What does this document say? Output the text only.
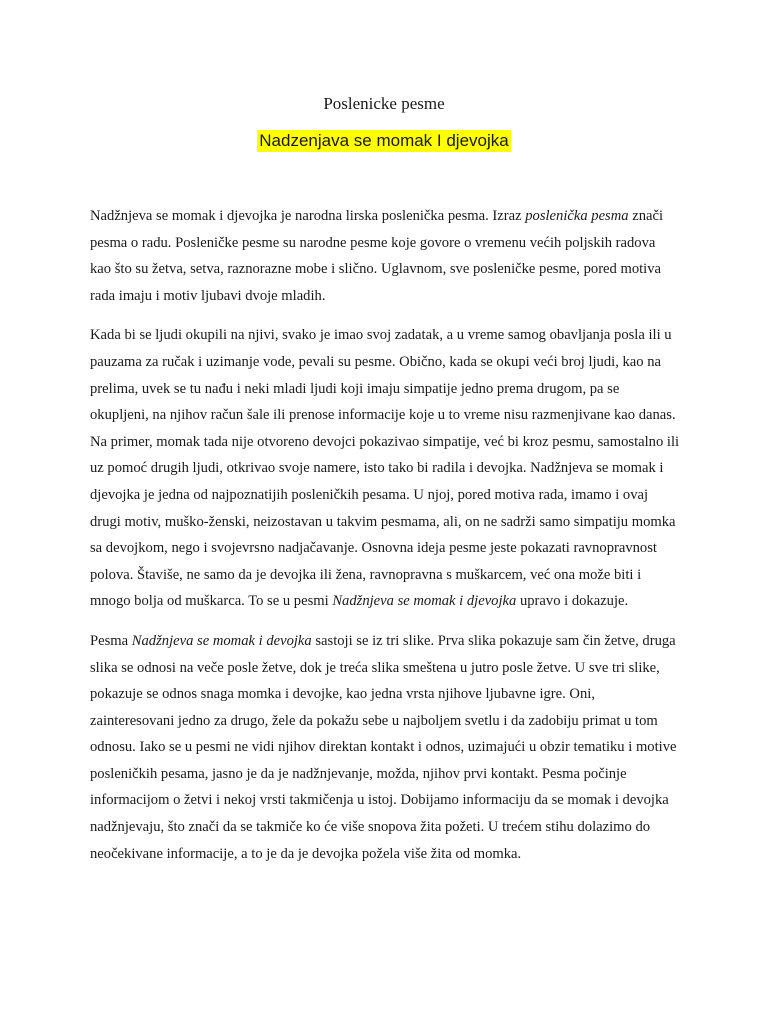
Poslenicke pesme
Nadzenjava se momak I djevojka

Nadžnjeva se momak i djevojka je narodna lirska poslenička pesma. Izraz poslenička pesma znači pesma o radu. Posleničke pesme su narodne pesme koje govore o vremenu većih poljskih radova kao što su žetva, setva, raznorazne mobe i slično. Uglavnom, sve posleničke pesme, pored motiva rada imaju i motiv ljubavi dvoje mladih.

Kada bi se ljudi okupili na njivi, svako je imao svoj zadatak, a u vreme samog obavljanja posla ili u pauzama za ručak i uzimanje vode, pevali su pesme. Obično, kada se okupi veći broj ljudi, kao na prelima, uvek se tu nađu i neki mladi ljudi koji imaju simpatije jedno prema drugom, pa se okupljeni, na njihov račun šale ili prenose informacije koje u to vreme nisu razmenjivane kao danas. Na primer, momak tada nije otvoreno devojci pokazivao simpatije, već bi kroz pesmu, samostalno ili uz pomoć drugih ljudi, otkrivao svoje namere, isto tako bi radila i devojka. Nadžnjeva se momak i djevojka je jedna od najpoznatijih posleničkih pesama. U njoj, pored motiva rada, imamo i ovaj drugi motiv, muško-ženski, neizostavan u takvim pesmama, ali, on ne sadrži samo simpatiju momka sa devojkom, nego i svojevrsno nadjačavanje. Osnovna ideja pesme jeste pokazati ravnopravnost polova. Štaviše, ne samo da je devojka ili žena, ravnopravna s muškarcem, već ona može biti i mnogo bolja od muškarca. To se u pesmi Nadžnjeva se momak i djevojka upravo i dokazuje.

Pesma Nadžnjeva se momak i devojka sastoji se iz tri slike. Prva slika pokazuje sam čin žetve, druga slika se odnosi na veče posle žetve, dok je treća slika smeštena u jutro posle žetve. U sve tri slike, pokazuje se odnos snaga momka i devojke, kao jedna vrsta njihove ljubavne igre. Oni, zainteresovani jedno za drugo, žele da pokažu sebe u najboljem svetlu i da zadobiju primat u tom odnosu. Iako se u pesmi ne vidi njihov direktan kontakt i odnos, uzimajući u obzir tematiku i motive posleničkih pesama, jasno je da je nadžnjevanje, možda, njihov prvi kontakt. Pesma počinje informacijom o žetvi i nekoj vrsti takmičenja u istoj. Dobijamo informaciju da se momak i devojka nadžnjevaju, što znači da se takmiče ko će više snopova žita požeti. U trećem stihu dolazimo do neočekivane informacije, a to je da je devojka požela više žita od momka.
